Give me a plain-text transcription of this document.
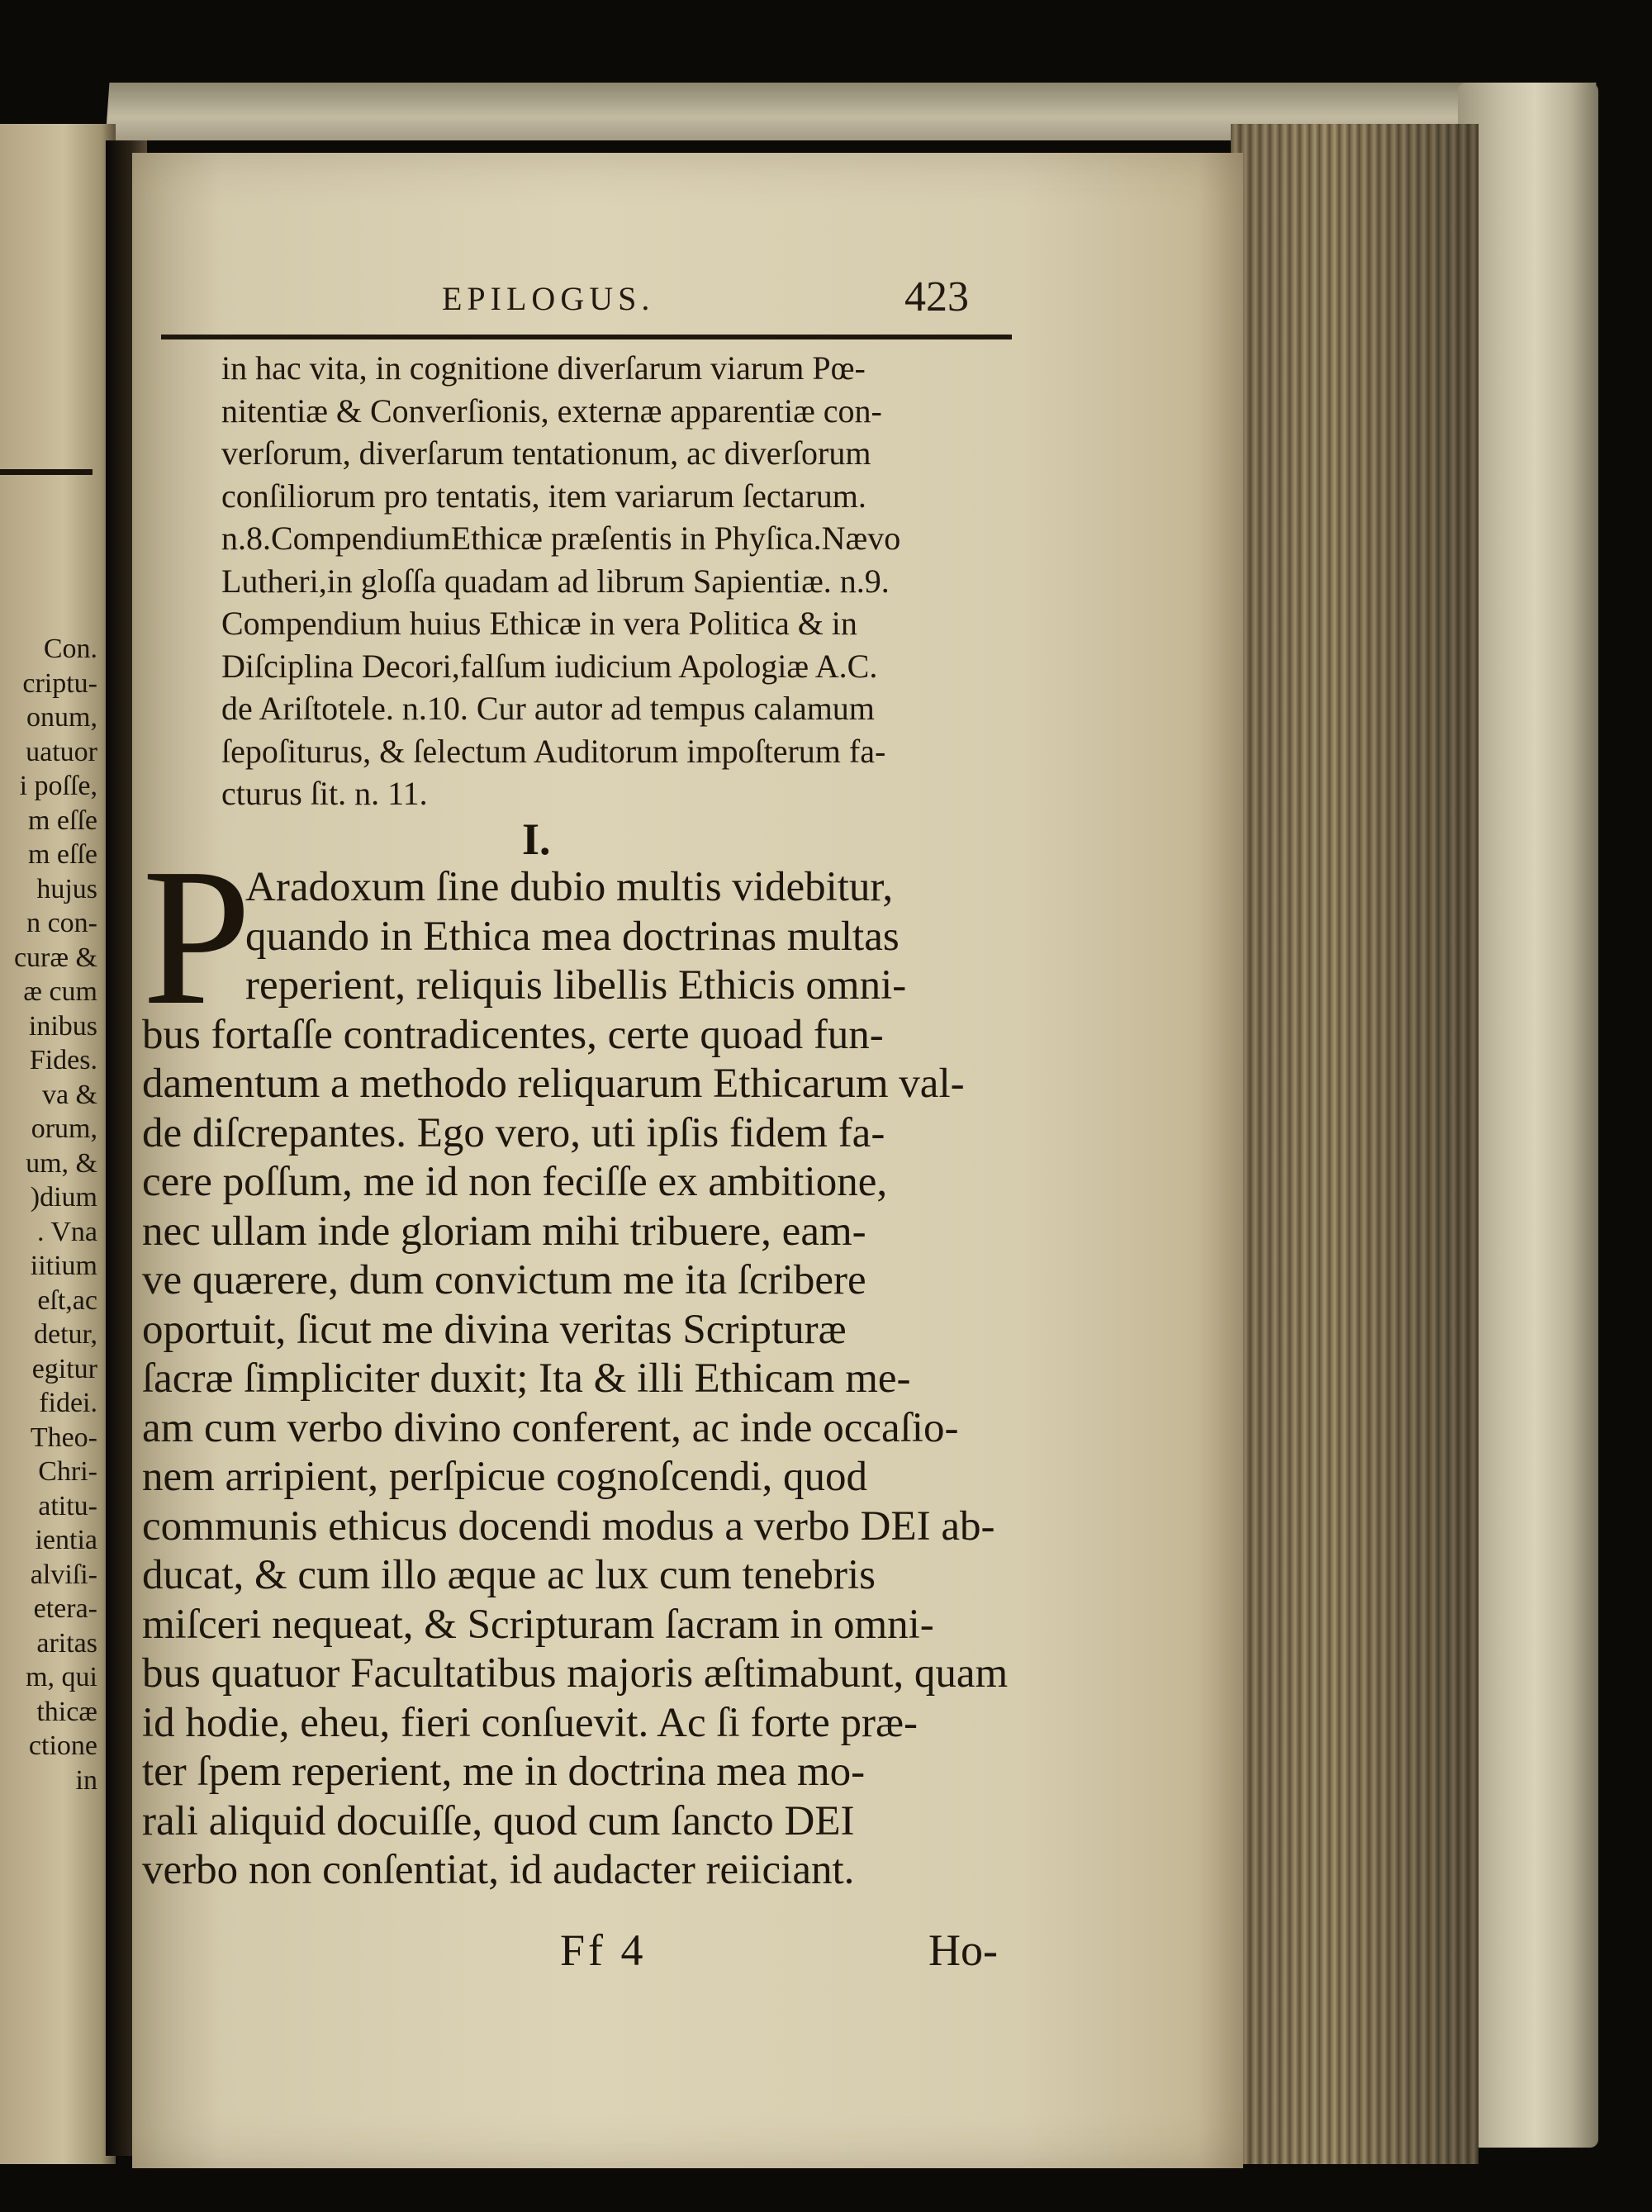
Con.
criptu-
onum,
uatuor
i poſſe,
m eſſe
m eſſe
hujus
n con-
curæ &
æ cum
inibus
Fides.
va &
orum,
um, &
)dium
. Vna
iitium
eſt,ac
detur,
egitur
fidei.
Theo-
Chri-
atitu-
ientia
alviſi-
etera-
aritas
m, qui
thicæ
ctione
in
EPILOGUS.	423
in hac vita, in cognitione diverſarum viarum Pœ-
nitentiæ & Converſionis, externæ apparentiæ con-
verſorum, diverſarum tentationum, ac diverſorum
conſiliorum pro tentatis, item variarum ſectarum.
n.8.CompendiumEthicæ præſentis in Phyſica.Nævo
Lutheri,in gloſſa quadam ad librum Sapientiæ. n.9.
Compendium huius Ethicæ in vera Politica & in
Diſciplina Decori,falſum iudicium Apologiæ A.C.
de Ariſtotele. n.10. Cur autor ad tempus calamum
ſepoſiturus, & ſelectum Auditorum impoſterum fa-
cturus ſit. n. 11.
I.
P
Aradoxum ſine dubio multis videbitur,
quando in Ethica mea doctrinas multas
reperient, reliquis libellis Ethicis omni-
bus fortaſſe contradicentes, certe quoad fun-
damentum a methodo reliquarum Ethicarum val-
de diſcrepantes. Ego vero, uti ipſis fidem fa-
cere poſſum, me id non feciſſe ex ambitione,
nec ullam inde gloriam mihi tribuere, eam-
ve quærere, dum convictum me ita ſcribere
oportuit, ſicut me divina veritas Scripturæ
ſacræ ſimpliciter duxit; Ita & illi Ethicam me-
am cum verbo divino conferent, ac inde occaſio-
nem arripient, perſpicue cognoſcendi, quod
communis ethicus docendi modus a verbo DEI ab-
ducat, & cum illo æque ac lux cum tenebris
miſceri nequeat, & Scripturam ſacram in omni-
bus quatuor Facultatibus majoris æſtimabunt, quam
id hodie, eheu, fieri conſuevit. Ac ſi forte præ-
ter ſpem reperient, me in doctrina mea mo-
rali aliquid docuiſſe, quod cum ſancto DEI
verbo non conſentiat, id audacter reiiciant.
Ff 4	Ho-
